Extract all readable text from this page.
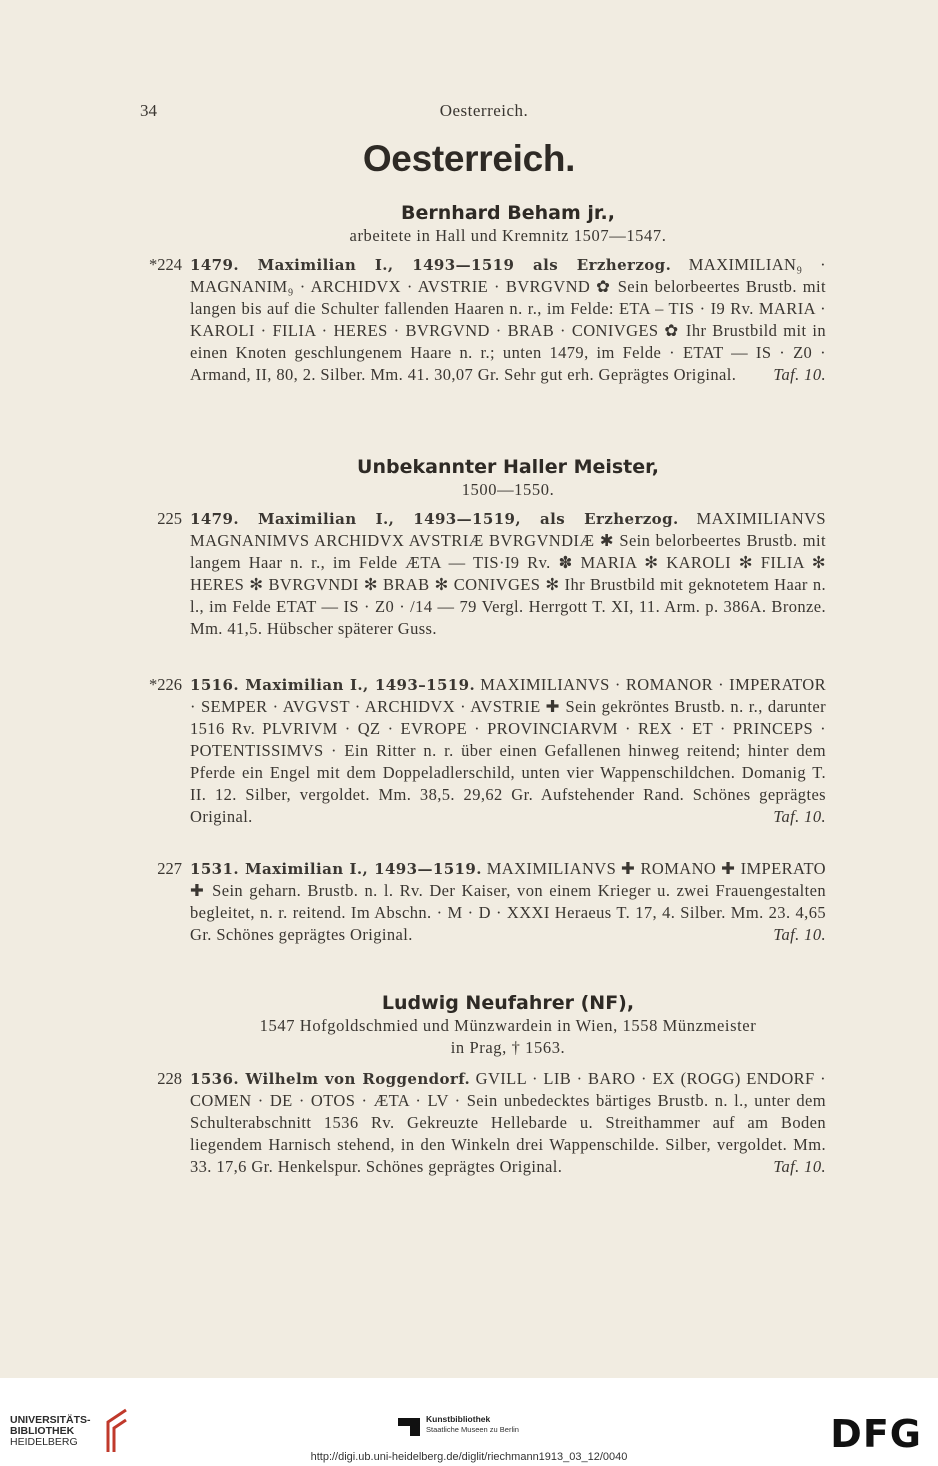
34	Oesterreich.
Oesterreich.
Bernhard Beham jr.,
arbeitete in Hall und Kremnitz 1507—1547.
*224 1479. Maximilian I., 1493—1519 als Erzherzog. MAXIMILIAN₉ · MAGNANIM₉ · ARCHIDVX · AVSTRIE · BVRGVND ✿ Sein belorbeertes Brustb. mit langen bis auf die Schulter fallenden Haaren n. r., im Felde: ETA – TIS · I9 Rv. MARIA · KAROLI · FILIA · HERES · BVRGVND · BRAB · CONIVGES ✿ Ihr Brustbild mit in einen Knoten geschlungenem Haare n. r.; unten 1479, im Felde · ETAT — IS · Z0 · Armand, II, 80, 2. Silber. Mm. 41. 30,07 Gr. Sehr gut erh. Geprägtes Original. Taf. 10.
Unbekannter Haller Meister,
1500—1550.
225 1479. Maximilian I., 1493—1519, als Erzherzog. MAXIMILIANVS MAGNANIMVS ARCHIDVX AVSTRIÆ BVRGVNDIÆ ✱ Sein belorbeertes Brustb. mit langem Haar n. r., im Felde ÆTA — TIS·I9 Rv. ✽ MARIA ✻ KAROLI ✻ FILIA ✻ HERES ✻ BVRGVNDI ✻ BRAB ✻ CONIVGES ✻ Ihr Brustbild mit geknotetem Haar n. l., im Felde ETAT — IS · Z0 · /14 — 79 Vergl. Herrgott T. XI, 11. Arm. p. 386A. Bronze. Mm. 41,5. Hübscher späterer Guss.
*226 1516. Maximilian I., 1493–1519. MAXIMILIANVS · ROMANOR · IMPERATOR · SEMPER · AVGVST · ARCHIDVX · AVSTRIE ✚ Sein gekröntes Brustb. n. r., darunter 1516 Rv. PLVRIVM · QZ · EVROPE · PROVINCIARVM · REX · ET · PRINCEPS · POTENTISSIMVS · Ein Ritter n. r. über einen Gefallenen hinweg reitend; hinter dem Pferde ein Engel mit dem Doppeladlerschild, unten vier Wappenschildchen. Domanig T. II. 12. Silber, vergoldet. Mm. 38,5. 29,62 Gr. Aufstehender Rand. Schönes geprägtes Original.	Taf. 10.
227 1531. Maximilian I., 1493—1519. MAXIMILIANVS ✚ ROMANO ✚ IMPERATO ✚ Sein geharn. Brustb. n. l. Rv. Der Kaiser, von einem Krieger u. zwei Frauengestalten begleitet, n. r. reitend. Im Abschn. · M · D · XXXI Heraeus T. 17, 4. Silber. Mm. 23. 4,65 Gr. Schönes geprägtes Original.	Taf. 10.
Ludwig Neufahrer (NF),
1547 Hofgoldschmied und Münzwardein in Wien, 1558 Münzmeister
in Prag, † 1563.
228 1536. Wilhelm von Roggendorf. GVILL · LIB · BARO · EX (ROGG) ENDORF · COMEN · DE · OTOS · ÆTA · LV · Sein unbedecktes bärtiges Brustb. n. l., unter dem Schulterabschnitt 1536 Rv. Gekreuzte Hellebarde u. Streithammer auf am Boden liegendem Harnisch stehend, in den Winkeln drei Wappenschilde. Silber, vergoldet. Mm. 33. 17,6 Gr. Henkelspur. Schönes geprägtes Original.	Taf. 10.
UNIVERSITÄTS-
BIBLIOTHEK
HEIDELBERG
Kunstbibliothek
Staatliche Museen zu Berlin	DFG
http://digi.ub.uni-heidelberg.de/diglit/riechmann1913_03_12/0040
